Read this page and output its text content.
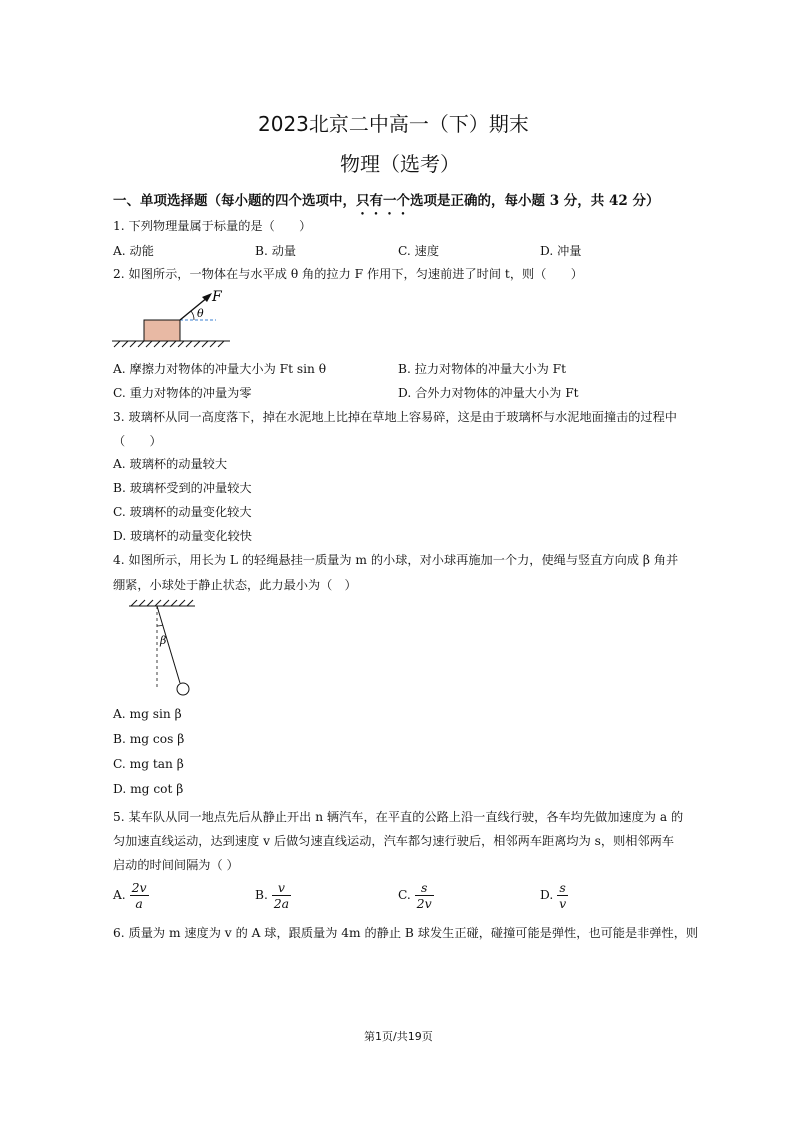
2023北京二中高一（下）期末
物理（选考）
一、单项选择题（每小题的四个选项中，只有一个选项是正确的，每小题 3 分，共 42 分）
1. 下列物理量属于标量的是（　　）
A. 动能	B. 动量	C. 速度	D. 冲量
2. 如图所示，一物体在与水平成 θ 角的拉力 F 作用下，匀速前进了时间 t，则（　　）
F
θ
A. 摩擦力对物体的冲量大小为 Ft sin θ	B. 拉力对物体的冲量大小为 Ft
C. 重力对物体的冲量为零	D. 合外力对物体的冲量大小为 Ft
3. 玻璃杯从同一高度落下，掉在水泥地上比掉在草地上容易碎，这是由于玻璃杯与水泥地面撞击的过程中
（　　）
A. 玻璃杯的动量较大
B. 玻璃杯受到的冲量较大
C. 玻璃杯的动量变化较大
D. 玻璃杯的动量变化较快
4. 如图所示，用长为 L 的轻绳悬挂一质量为 m 的小球，对小球再施加一个力，使绳与竖直方向成 β 角并
绷紧，小球处于静止状态，此力最小为（　）
β
A. mg sin β
B. mg cos β
C. mg tan β
D. mg cot β
5. 某车队从同一地点先后从静止开出 n 辆汽车，在平直的公路上沿一直线行驶，各车均先做加速度为 a 的
匀加速直线运动，达到速度 v 后做匀速直线运动，汽车都匀速行驶后，相邻两车距离均为 s，则相邻两车
启动的时间间隔为（ ）
A. $\frac{2v}{a}$	B. $\frac{v}{2a}$	C. $\frac{s}{2v}$	D. $\frac{s}{v}$
6. 质量为 m 速度为 v 的 A 球，跟质量为 4m 的静止 B 球发生正碰，碰撞可能是弹性，也可能是非弹性，则
第1页/共19页
